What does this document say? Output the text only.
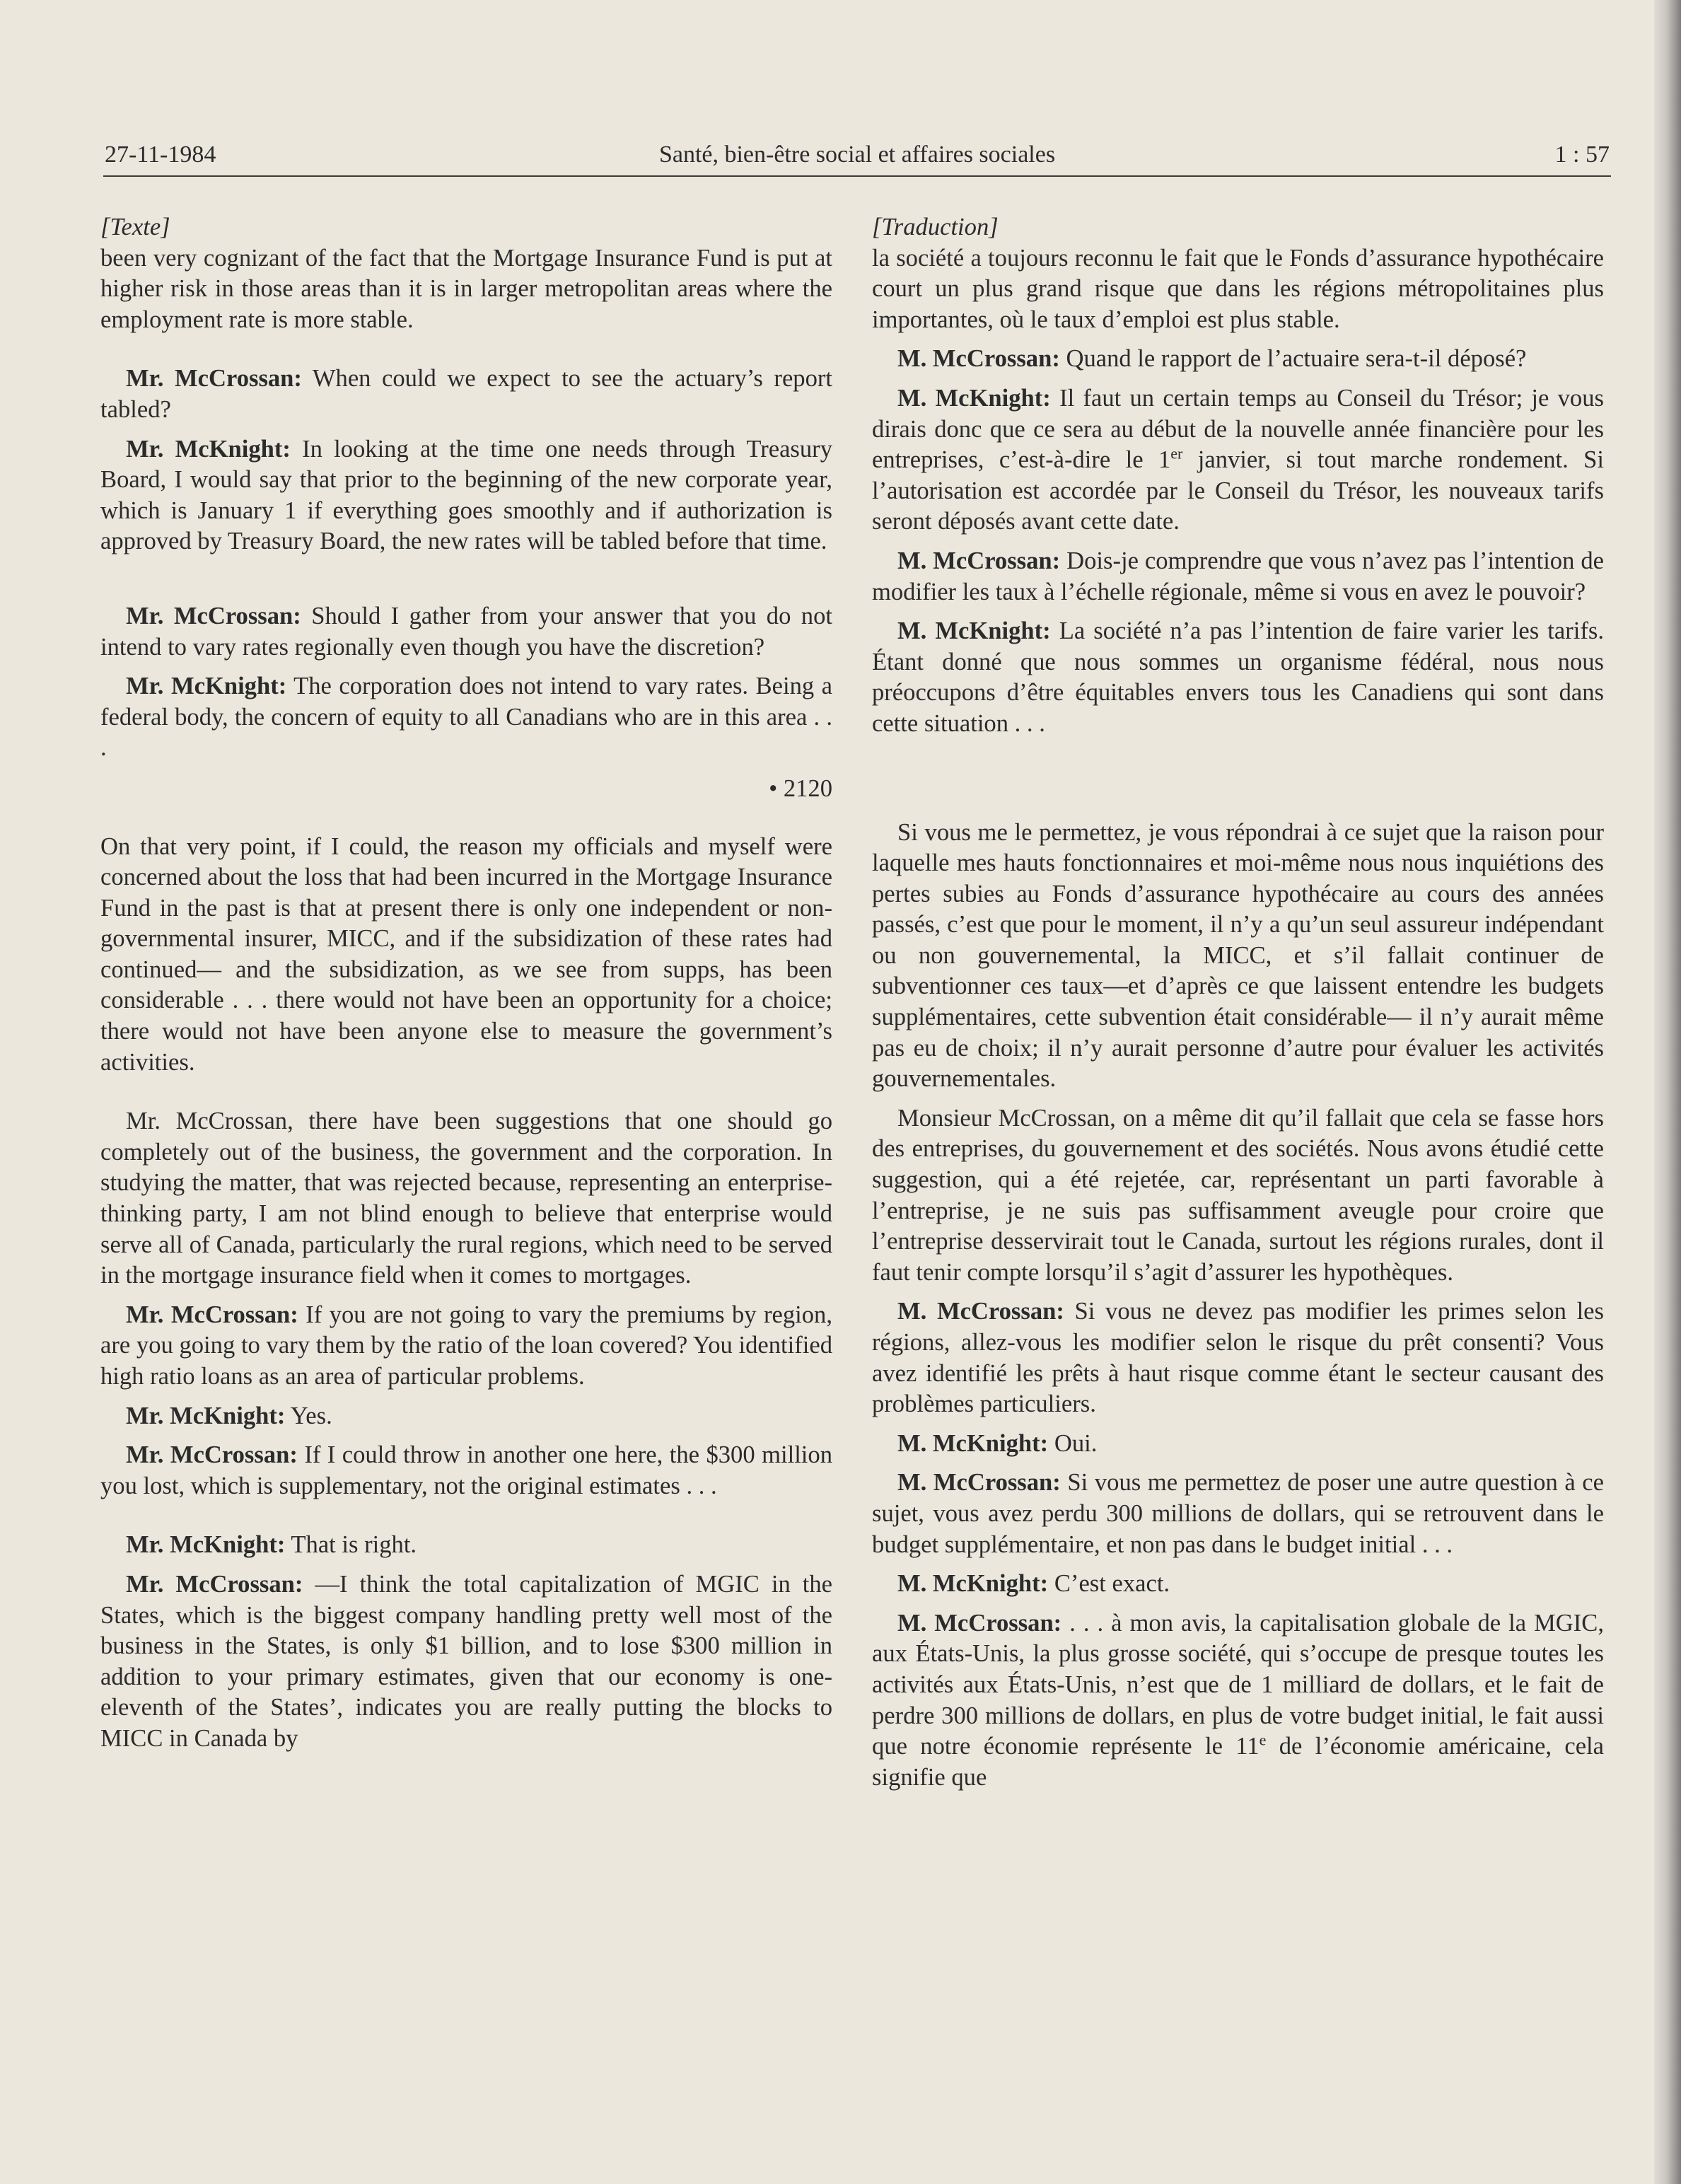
27-11-1984	Santé, bien-être social et affaires sociales	1 : 57

[Texte]

been very cognizant of the fact that the Mortgage Insurance Fund is put at higher risk in those areas than it is in larger metropolitan areas where the employment rate is more stable.

Mr. McCrossan: When could we expect to see the actuary’s report tabled?

Mr. McKnight: In looking at the time one needs through Treasury Board, I would say that prior to the beginning of the new corporate year, which is January 1 if everything goes smoothly and if authorization is approved by Treasury Board, the new rates will be tabled before that time.

Mr. McCrossan: Should I gather from your answer that you do not intend to vary rates regionally even though you have the discretion?

Mr. McKnight: The corporation does not intend to vary rates. Being a federal body, the concern of equity to all Canadians who are in this area . . .

• 2120

On that very point, if I could, the reason my officials and myself were concerned about the loss that had been incurred in the Mortgage Insurance Fund in the past is that at present there is only one independent or non-governmental insurer, MICC, and if the subsidization of these rates had continued— and the subsidization, as we see from supps, has been considerable . . . there would not have been an opportunity for a choice; there would not have been anyone else to measure the government’s activities.

Mr. McCrossan, there have been suggestions that one should go completely out of the business, the government and the corporation. In studying the matter, that was rejected because, representing an enterprise-thinking party, I am not blind enough to believe that enterprise would serve all of Canada, particularly the rural regions, which need to be served in the mortgage insurance field when it comes to mortgages.

Mr. McCrossan: If you are not going to vary the premiums by region, are you going to vary them by the ratio of the loan covered? You identified high ratio loans as an area of particular problems.

Mr. McKnight: Yes.

Mr. McCrossan: If I could throw in another one here, the $300 million you lost, which is supplementary, not the original estimates . . .

Mr. McKnight: That is right.

Mr. McCrossan: —I think the total capitalization of MGIC in the States, which is the biggest company handling pretty well most of the business in the States, is only $1 billion, and to lose $300 million in addition to your primary estimates, given that our economy is one-eleventh of the States’, indicates you are really putting the blocks to MICC in Canada by

[Traduction]

la société a toujours reconnu le fait que le Fonds d’assurance hypothécaire court un plus grand risque que dans les régions métropolitaines plus importantes, où le taux d’emploi est plus stable.

M. McCrossan: Quand le rapport de l’actuaire sera-t-il déposé?

M. McKnight: Il faut un certain temps au Conseil du Trésor; je vous dirais donc que ce sera au début de la nouvelle année financière pour les entreprises, c’est-à-dire le 1er janvier, si tout marche rondement. Si l’autorisation est accordée par le Conseil du Trésor, les nouveaux tarifs seront déposés avant cette date.

M. McCrossan: Dois-je comprendre que vous n’avez pas l’intention de modifier les taux à l’échelle régionale, même si vous en avez le pouvoir?

M. McKnight: La société n’a pas l’intention de faire varier les tarifs. Étant donné que nous sommes un organisme fédéral, nous nous préoccupons d’être équitables envers tous les Canadiens qui sont dans cette situation . . .

Si vous me le permettez, je vous répondrai à ce sujet que la raison pour laquelle mes hauts fonctionnaires et moi-même nous nous inquiétions des pertes subies au Fonds d’assurance hypothécaire au cours des années passés, c’est que pour le moment, il n’y a qu’un seul assureur indépendant ou non gouvernemental, la MICC, et s’il fallait continuer de subventionner ces taux—et d’après ce que laissent entendre les budgets supplémentaires, cette subvention était considérable— il n’y aurait même pas eu de choix; il n’y aurait personne d’autre pour évaluer les activités gouvernementales.

Monsieur McCrossan, on a même dit qu’il fallait que cela se fasse hors des entreprises, du gouvernement et des sociétés. Nous avons étudié cette suggestion, qui a été rejetée, car, représentant un parti favorable à l’entreprise, je ne suis pas suffisamment aveugle pour croire que l’entreprise desservirait tout le Canada, surtout les régions rurales, dont il faut tenir compte lorsqu’il s’agit d’assurer les hypothèques.

M. McCrossan: Si vous ne devez pas modifier les primes selon les régions, allez-vous les modifier selon le risque du prêt consenti? Vous avez identifié les prêts à haut risque comme étant le secteur causant des problèmes particuliers.

M. McKnight: Oui.

M. McCrossan: Si vous me permettez de poser une autre question à ce sujet, vous avez perdu 300 millions de dollars, qui se retrouvent dans le budget supplémentaire, et non pas dans le budget initial . . .

M. McKnight: C’est exact.

M. McCrossan: . . . à mon avis, la capitalisation globale de la MGIC, aux États-Unis, la plus grosse société, qui s’occupe de presque toutes les activités aux États-Unis, n’est que de 1 milliard de dollars, et le fait de perdre 300 millions de dollars, en plus de votre budget initial, le fait aussi que notre économie représente le 11e de l’économie américaine, cela signifie que
